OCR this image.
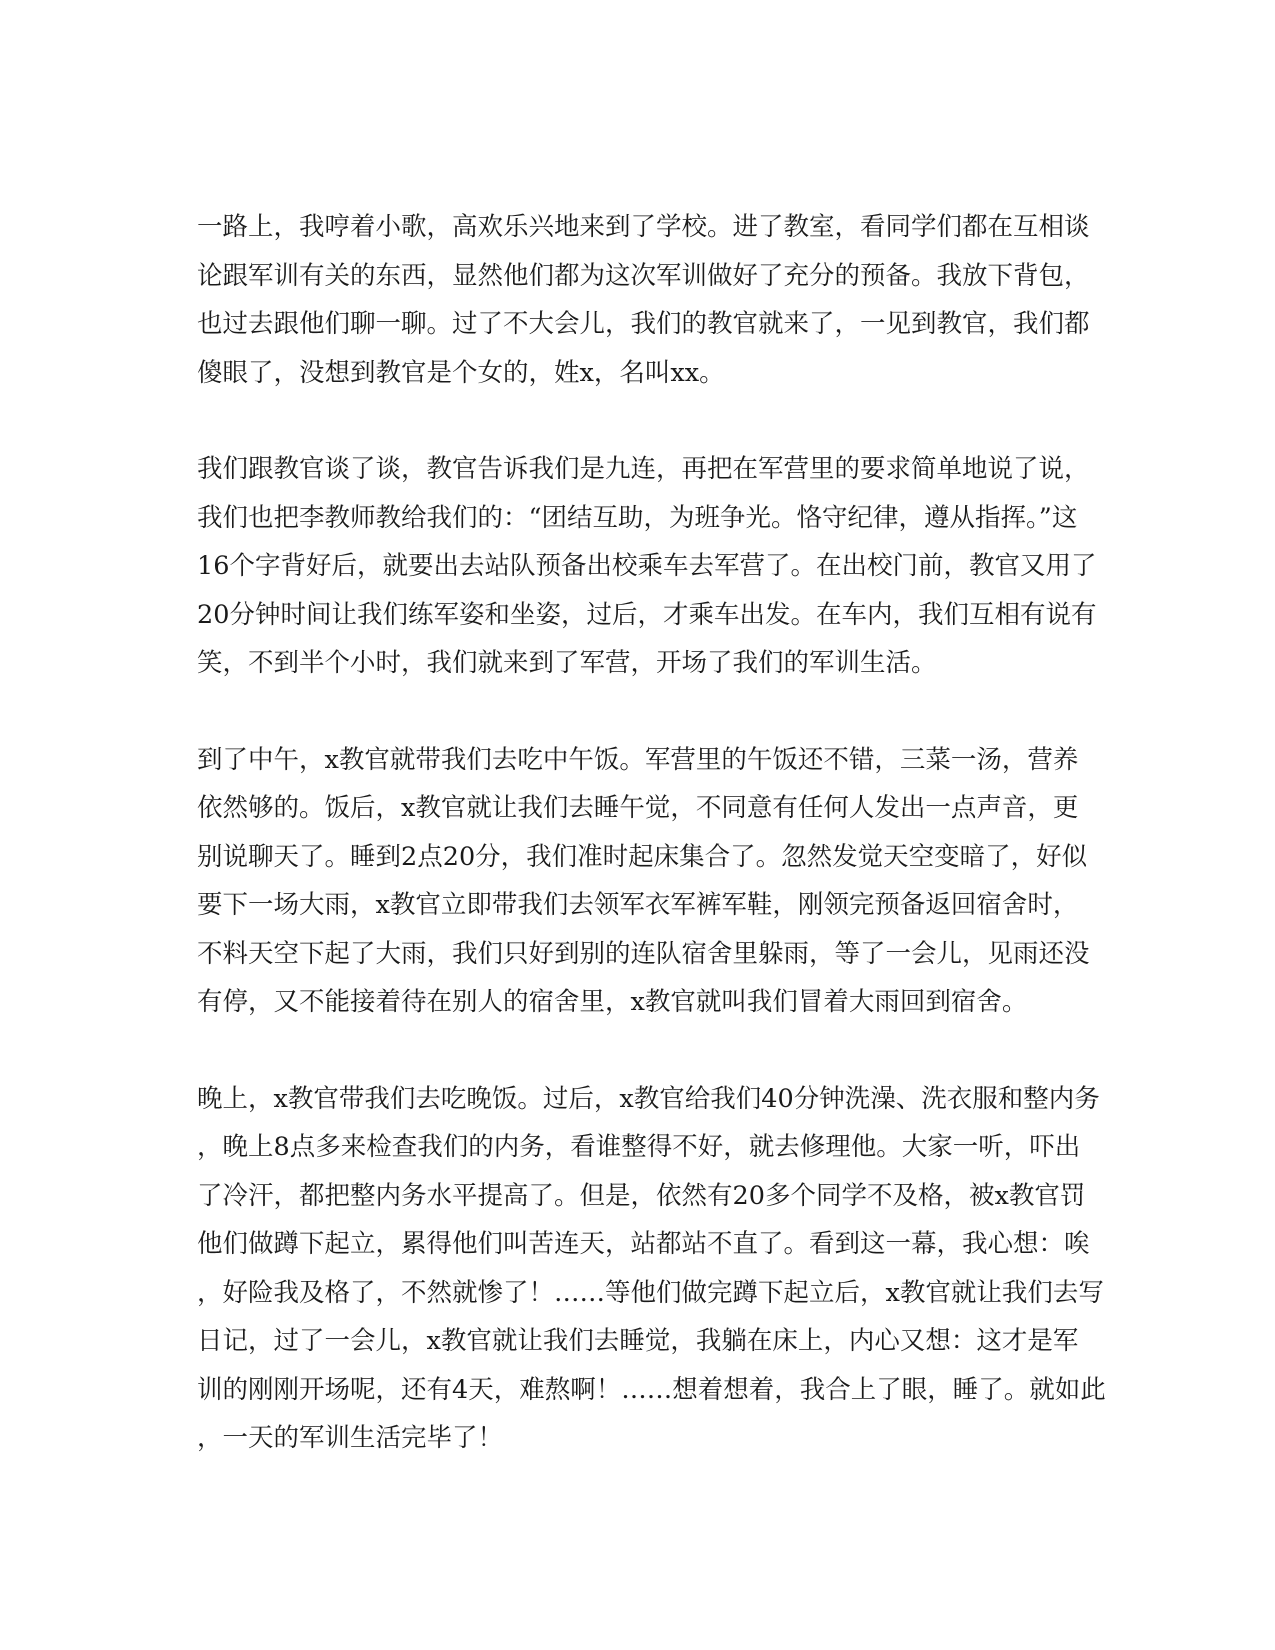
一路上，我哼着小歌，高欢乐兴地来到了学校。进了教室，看同学们都在互相谈
论跟军训有关的东西，显然他们都为这次军训做好了充分的预备。我放下背包，
也过去跟他们聊一聊。过了不大会儿，我们的教官就来了，一见到教官，我们都
傻眼了，没想到教官是个女的，姓x，名叫xx。

我们跟教官谈了谈，教官告诉我们是九连，再把在军营里的要求简单地说了说，
我们也把李教师教给我们的：“团结互助，为班争光。恪守纪律，遵从指挥。”这
16个字背好后，就要出去站队预备出校乘车去军营了。在出校门前，教官又用了
20分钟时间让我们练军姿和坐姿，过后，才乘车出发。在车内，我们互相有说有
笑，不到半个小时，我们就来到了军营，开场了我们的军训生活。

到了中午，x教官就带我们去吃中午饭。军营里的午饭还不错，三菜一汤，营养
依然够的。饭后，x教官就让我们去睡午觉，不同意有任何人发出一点声音，更
别说聊天了。睡到2点20分，我们准时起床集合了。忽然发觉天空变暗了，好似
要下一场大雨，x教官立即带我们去领军衣军裤军鞋，刚领完预备返回宿舍时，
不料天空下起了大雨，我们只好到别的连队宿舍里躲雨，等了一会儿，见雨还没
有停，又不能接着待在别人的宿舍里，x教官就叫我们冒着大雨回到宿舍。

晚上，x教官带我们去吃晚饭。过后，x教官给我们40分钟洗澡、洗衣服和整内务
，晚上8点多来检查我们的内务，看谁整得不好，就去修理他。大家一听，吓出
了冷汗，都把整内务水平提高了。但是，依然有20多个同学不及格，被x教官罚
他们做蹲下起立，累得他们叫苦连天，站都站不直了。看到这一幕，我心想：唉
，好险我及格了，不然就惨了！……等他们做完蹲下起立后，x教官就让我们去写
日记，过了一会儿，x教官就让我们去睡觉，我躺在床上，内心又想：这才是军
训的刚刚开场呢，还有4天，难熬啊！……想着想着，我合上了眼，睡了。就如此
，一天的军训生活完毕了！
